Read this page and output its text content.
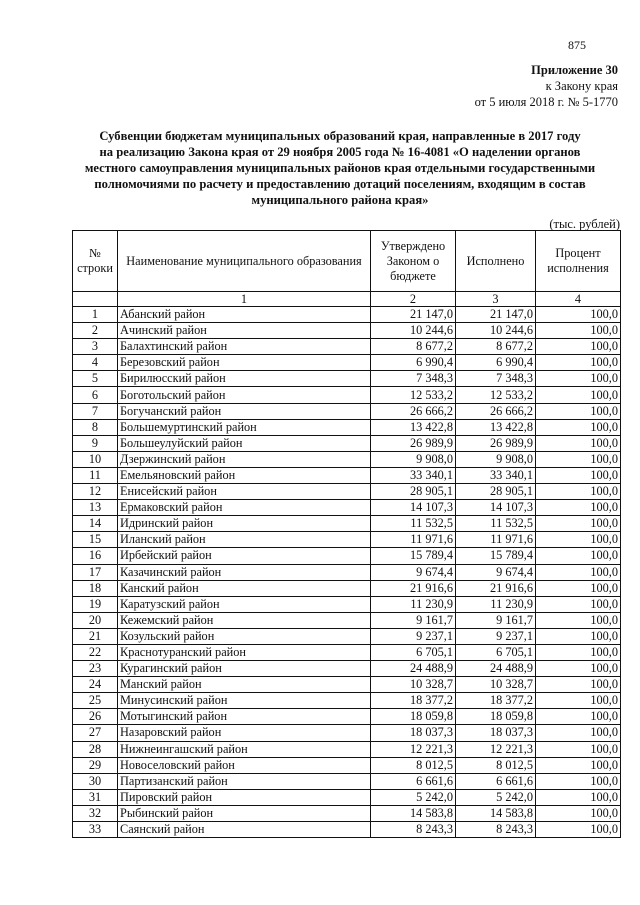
875
Приложение 30
к Закону края
от 5 июля 2018 г. № 5-1770
Субвенции бюджетам муниципальных образований края, направленные в 2017 году
на реализацию Закона края от 29 ноября 2005 года № 16-4081 «О наделении органов
местного самоуправления муниципальных районов края отдельными государственными
полномочиями по расчету и предоставлению дотаций поселениям, входящим в состав
муниципального района края»
(тыс. рублей)
№ строки	Наименование муниципального образования	Утверждено Законом о бюджете	Исполнено	Процент исполнения
	1	2	3	4
1	Абанский район	21 147,0	21 147,0	100,0
2	Ачинский район	10 244,6	10 244,6	100,0
3	Балахтинский район	8 677,2	8 677,2	100,0
4	Березовский район	6 990,4	6 990,4	100,0
5	Бирилюсский район	7 348,3	7 348,3	100,0
6	Боготольский район	12 533,2	12 533,2	100,0
7	Богучанский район	26 666,2	26 666,2	100,0
8	Большемуртинский район	13 422,8	13 422,8	100,0
9	Большеулуйский район	26 989,9	26 989,9	100,0
10	Дзержинский район	9 908,0	9 908,0	100,0
11	Емельяновский район	33 340,1	33 340,1	100,0
12	Енисейский район	28 905,1	28 905,1	100,0
13	Ермаковский район	14 107,3	14 107,3	100,0
14	Идринский район	11 532,5	11 532,5	100,0
15	Иланский район	11 971,6	11 971,6	100,0
16	Ирбейский район	15 789,4	15 789,4	100,0
17	Казачинский район	9 674,4	9 674,4	100,0
18	Канский район	21 916,6	21 916,6	100,0
19	Каратузский район	11 230,9	11 230,9	100,0
20	Кежемский район	9 161,7	9 161,7	100,0
21	Козульский район	9 237,1	9 237,1	100,0
22	Краснотуранский район	6 705,1	6 705,1	100,0
23	Курагинский район	24 488,9	24 488,9	100,0
24	Манский район	10 328,7	10 328,7	100,0
25	Минусинский район	18 377,2	18 377,2	100,0
26	Мотыгинский район	18 059,8	18 059,8	100,0
27	Назаровский район	18 037,3	18 037,3	100,0
28	Нижнеингашский район	12 221,3	12 221,3	100,0
29	Новоселовский район	8 012,5	8 012,5	100,0
30	Партизанский район	6 661,6	6 661,6	100,0
31	Пировский район	5 242,0	5 242,0	100,0
32	Рыбинский район	14 583,8	14 583,8	100,0
33	Саянский район	8 243,3	8 243,3	100,0
